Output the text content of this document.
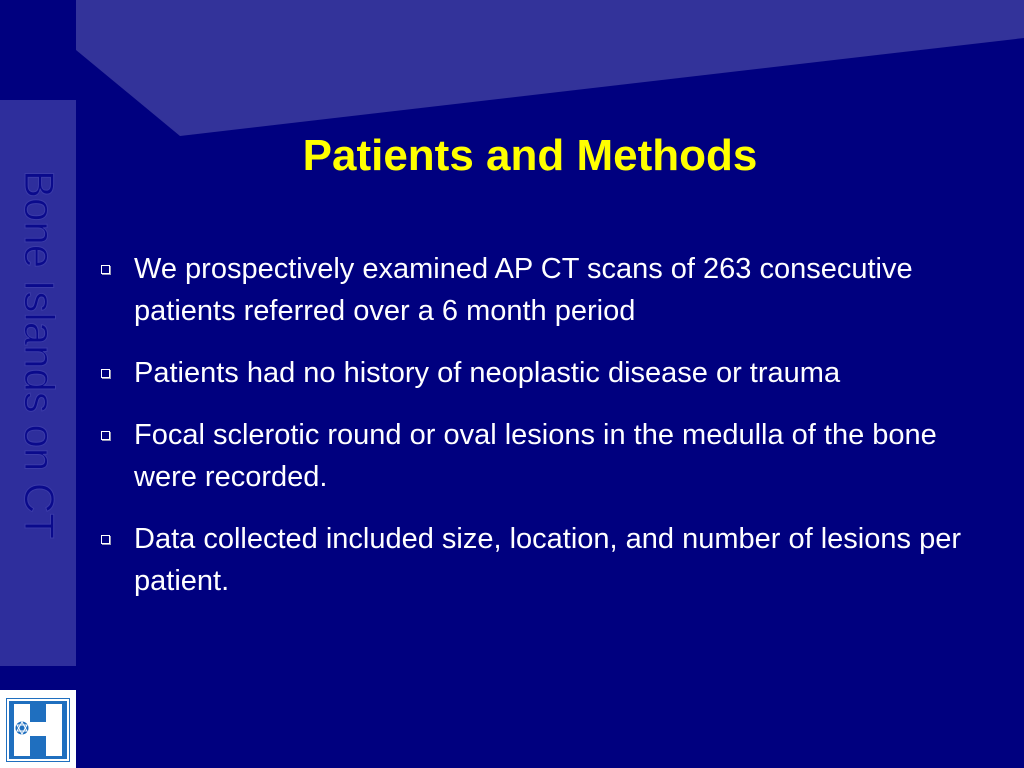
Bone Islands on CT
Patients and Methods
We prospectively examined AP CT scans of 263 consecutive patients referred over a 6 month period
Patients had no history of neoplastic disease or trauma
Focal sclerotic round or oval lesions in the medulla of the bone were recorded.
Data collected included size, location, and number of lesions per patient.
